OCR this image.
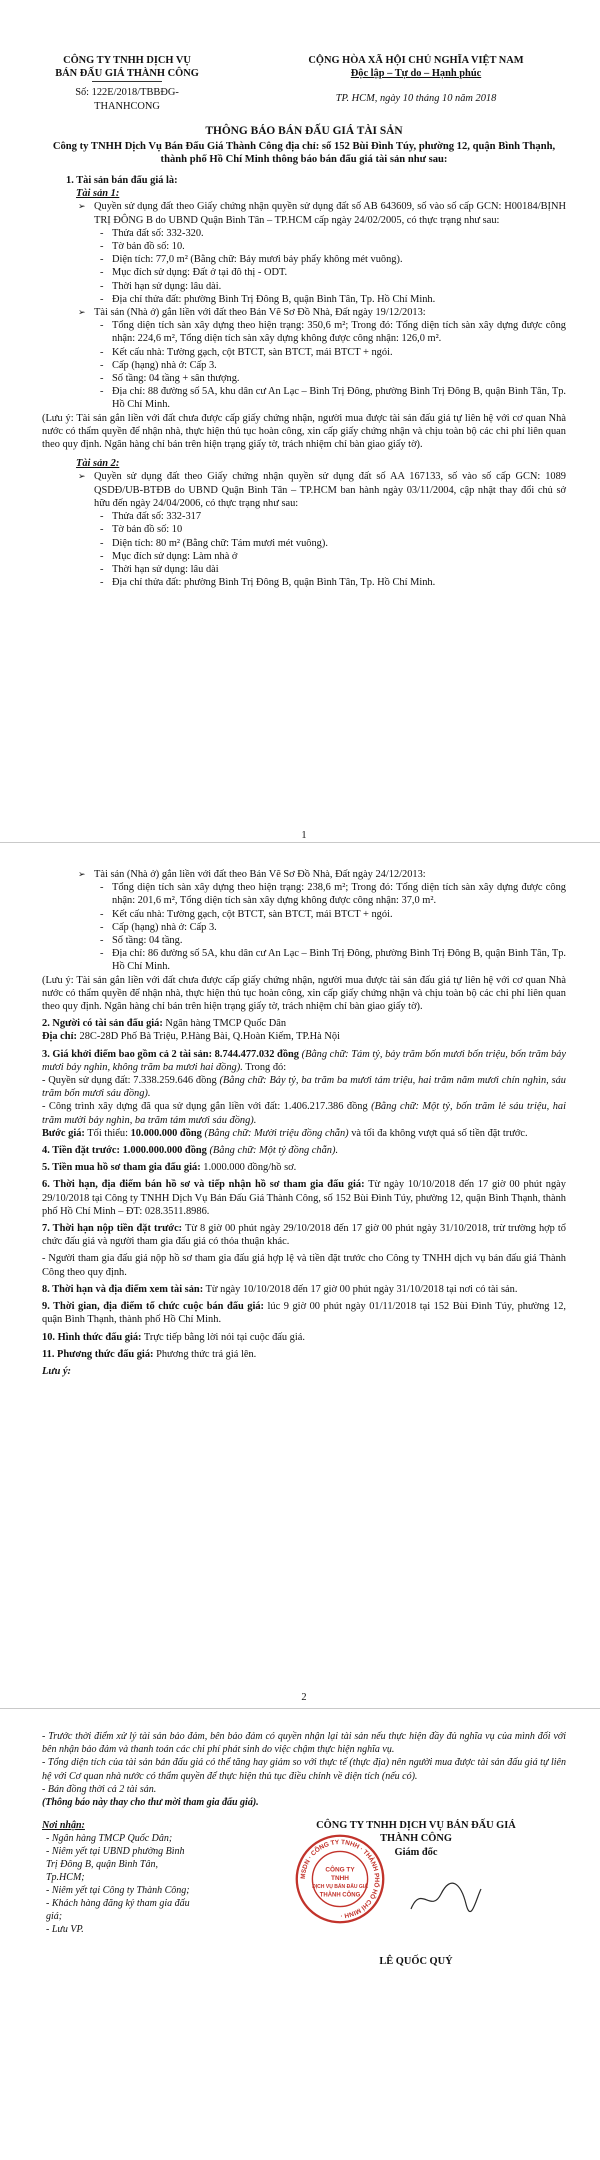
CÔNG TY TNHH DỊCH VỤ
BÁN ĐẤU GIÁ THÀNH CÔNG
Số: 122E/2018/TBBĐG-
THANHCONG
CỘNG HÒA XÃ HỘI CHỦ NGHĨA VIỆT NAM
Độc lập – Tự do – Hạnh phúc
TP. HCM, ngày 10 tháng 10 năm 2018
THÔNG BÁO BÁN ĐẤU GIÁ TÀI SẢN
Công ty TNHH Dịch Vụ Bán Đấu Giá Thành Công địa chỉ: số 152 Bùi Đình Túy, phường 12, quận Bình Thạnh, thành phố Hồ Chí Minh thông báo bán đấu giá tài sản như sau:

1. Tài sản bán đấu giá là:

Tài sản 1:

➢ Quyền sử dụng đất theo Giấy chứng nhận quyền sử dụng đất số AB 643609, số vào số cấp GCN: H00184/BỊNH TRỊ ĐÔNG B do UBND Quận Bình Tân – TP.HCM cấp ngày 24/02/2005, có thực trạng như sau:

- Thửa đất số: 332-320.

- Tờ bản đồ số: 10.

- Diện tích: 77,0 m² (Bằng chữ: Bảy mươi bảy phẩy không mét vuông).

- Mục đích sử dụng: Đất ở tại đô thị - ODT.

- Thời hạn sử dụng: lâu dài.

- Địa chỉ thửa đất: phường Bình Trị Đông B, quận Bình Tân, Tp. Hồ Chí Minh.

➢ Tài sản (Nhà ở) gắn liền với đất theo Bản Vẽ Sơ Đồ Nhà, Đất ngày 19/12/2013:

- Tổng diện tích sàn xây dựng theo hiện trạng: 350,6 m²; Trong đó: Tổng diện tích sàn xây dựng được công nhận: 224,6 m², Tổng diện tích sàn xây dựng không được công nhận: 126,0 m².

- Kết cấu nhà: Tường gạch, cột BTCT, sàn BTCT, mái BTCT + ngói.

- Cấp (hạng) nhà ở: Cấp 3.

- Số tầng: 04 tầng + sân thượng.

- Địa chỉ: 88 đường số 5A, khu dân cư An Lạc – Bình Trị Đông, phường Bình Trị Đông B, quận Bình Tân, Tp. Hồ Chí Minh.

(Lưu ý: Tài sản gắn liền với đất chưa được cấp giấy chứng nhận, người mua được tài sản đấu giá tự liên hệ với cơ quan Nhà nước có thẩm quyền để nhận nhà, thực hiện thủ tục hoàn công, xin cấp giấy chứng nhận và chịu toàn bộ các chi phí liên quan theo quy định. Ngân hàng chỉ bán trên hiện trạng giấy tờ, trách nhiệm chỉ bàn giao giấy tờ).

Tài sản 2:

➢ Quyền sử dụng đất theo Giấy chứng nhận quyền sử dụng đất số AA 167133, số vào số cấp GCN: 1089 QSDĐ/UB-BTĐB do UBND Quận Bình Tân – TP.HCM ban hành ngày 03/11/2004, cập nhật thay đổi chủ sở hữu đến ngày 24/04/2006, có thực trạng như sau:

- Thửa đất số: 332-317

- Tờ bản đồ số: 10

- Diện tích: 80 m² (Bằng chữ: Tám mươi mét vuông).

- Mục đích sử dụng: Làm nhà ở

- Thời hạn sử dụng: lâu dài

- Địa chỉ thửa đất: phường Bình Trị Đông B, quận Bình Tân, Tp. Hồ Chí Minh.

1

➢ Tài sản (Nhà ở) gắn liền với đất theo Bản Vẽ Sơ Đồ Nhà, Đất ngày 24/12/2013:

- Tổng diện tích sàn xây dựng theo hiện trạng: 238,6 m²; Trong đó: Tổng diện tích sàn xây dựng được công nhận: 201,6 m², Tổng diện tích sàn xây dựng không được công nhận: 37,0 m².

- Kết cấu nhà: Tường gạch, cột BTCT, sàn BTCT, mái BTCT + ngói.

- Cấp (hạng) nhà ở: Cấp 3.

- Số tầng: 04 tầng.

- Địa chỉ: 86 đường số 5A, khu dân cư An Lạc – Bình Trị Đông, phường Bình Trị Đông B, quận Bình Tân, Tp. Hồ Chí Minh.

(Lưu ý: Tài sản gắn liền với đất chưa được cấp giấy chứng nhận, người mua được tài sản đấu giá tự liên hệ với cơ quan Nhà nước có thẩm quyền để nhận nhà, thực hiện thủ tục hoàn công, xin cấp giấy chứng nhận và chịu toàn bộ các chi phí liên quan theo quy định. Ngân hàng chỉ bán trên hiện trạng giấy tờ, trách nhiệm chỉ bàn giao giấy tờ).

2. Người có tài sản đấu giá: Ngân hàng TMCP Quốc Dân

Địa chỉ: 28C-28D Phố Bà Triệu, P.Hàng Bài, Q.Hoàn Kiếm, TP.Hà Nội

3. Giá khởi điểm bao gồm cả 2 tài sản: 8.744.477.032 đồng (Bằng chữ: Tám tỷ, bảy trăm bốn mươi bốn triệu, bốn trăm bảy mươi bảy nghìn, không trăm ba mươi hai đồng). Trong đó:

- Quyền sử dụng đất: 7.338.259.646 đồng (Bằng chữ: Bảy tỷ, ba trăm ba mươi tám triệu, hai trăm năm mươi chín nghìn, sáu trăm bốn mươi sáu đồng).

- Công trình xây dựng đã qua sử dụng gắn liền với đất: 1.406.217.386 đồng (Bằng chữ: Một tỷ, bốn trăm lẻ sáu triệu, hai trăm mười bảy nghìn, ba trăm tám mươi sáu đồng).

Bước giá: Tối thiểu: 10.000.000 đồng (Bằng chữ: Mười triệu đồng chẵn) và tối đa không vượt quá số tiền đặt trước.

4. Tiền đặt trước: 1.000.000.000 đồng (Bằng chữ: Một tỷ đồng chẵn).

5. Tiền mua hồ sơ tham gia đấu giá: 1.000.000 đồng/hồ sơ.

6. Thời hạn, địa điểm bán hồ sơ và tiếp nhận hồ sơ tham gia đấu giá: Từ ngày 10/10/2018 đến 17 giờ 00 phút ngày 29/10/2018 tại Công ty TNHH Dịch Vụ Bán Đấu Giá Thành Công, số 152 Bùi Đình Túy, phường 12, quận Bình Thạnh, thành phố Hồ Chí Minh – ĐT: 028.3511.8986.

7. Thời hạn nộp tiền đặt trước: Từ 8 giờ 00 phút ngày 29/10/2018 đến 17 giờ 00 phút ngày 31/10/2018, trừ trường hợp tổ chức đấu giá và người tham gia đấu giá có thỏa thuận khác.

- Người tham gia đấu giá nộp hồ sơ tham gia đấu giá hợp lệ và tiền đặt trước cho Công ty TNHH dịch vụ bán đấu giá Thành Công theo quy định.

8. Thời hạn và địa điểm xem tài sản: Từ ngày 10/10/2018 đến 17 giờ 00 phút ngày 31/10/2018 tại nơi có tài sản.

9. Thời gian, địa điểm tổ chức cuộc bán đấu giá: lúc 9 giờ 00 phút ngày 01/11/2018 tại 152 Bùi Đình Túy, phường 12, quận Bình Thạnh, thành phố Hồ Chí Minh.

10. Hình thức đấu giá: Trực tiếp bằng lời nói tại cuộc đấu giá.

11. Phương thức đấu giá: Phương thức trả giá lên.

Lưu ý:

2

- Trước thời điểm xử lý tài sản bảo đảm, bên bảo đảm có quyền nhận lại tài sản nếu thực hiện đầy đủ nghĩa vụ của mình đối với bên nhận bảo đảm và thanh toán các chi phí phát sinh do việc chậm thực hiện nghĩa vụ.

- Tổng diện tích của tài sản bán đấu giá có thể tăng hay giảm so với thực tế (thực địa) nên người mua được tài sản đấu giá tự liên hệ với Cơ quan nhà nước có thẩm quyền để thực hiện thủ tục điều chỉnh về diện tích (nếu có).

- Bán đồng thời cả 2 tài sản.

(Thông báo này thay cho thư mời tham gia đấu giá).

Nơi nhận:

- Ngân hàng TMCP Quốc Dân;

- Niêm yết tại UBND phường Bình Trị Đông B, quận Bình Tân, Tp.HCM;

- Niêm yết tại Công ty Thành Công;

- Khách hàng đăng ký tham gia đấu giá;

- Lưu VP.

CÔNG TY TNHH DỊCH VỤ BÁN ĐẤU GIÁ
THÀNH CÔNG
Giám đốc
MSDN · CÔNG TY TNHH · THÀNH PHỐ HỒ CHÍ MINH ·
CÔNG TY
TNHH
DỊCH VỤ BÁN ĐẤU GIÁ
THÀNH CÔNG
LÊ QUỐC QUÝ
